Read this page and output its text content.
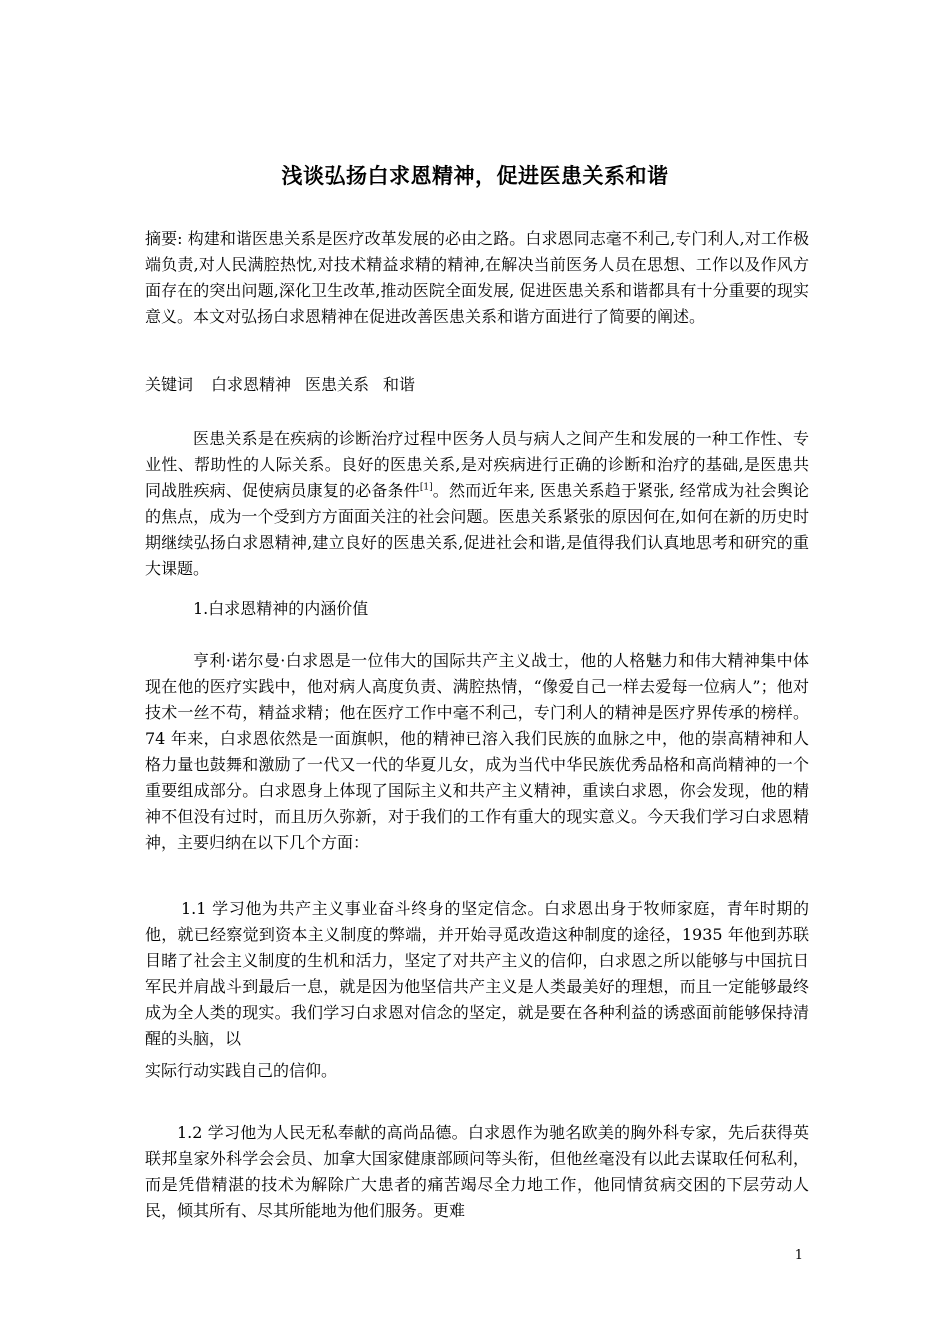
浅谈弘扬白求恩精神，促进医患关系和谐
摘要: 构建和谐医患关系是医疗改革发展的必由之路。白求恩同志毫不利己,专门利人,对工作极端负责,对人民满腔热忱,对技术精益求精的精神,在解决当前医务人员在思想、工作以及作风方面存在的突出问题,深化卫生改革,推动医院全面发展, 促进医患关系和谐都具有十分重要的现实意义。本文对弘扬白求恩精神在促进改善医患关系和谐方面进行了简要的阐述。
关键词 白求恩精神 医患关系 和谐
医患关系是在疾病的诊断治疗过程中医务人员与病人之间产生和发展的一种工作性、专业性、帮助性的人际关系。良好的医患关系,是对疾病进行正确的诊断和治疗的基础,是医患共同战胜疾病、促使病员康复的必备条件[1]。然而近年来, 医患关系趋于紧张, 经常成为社会舆论的焦点，成为一个受到方方面面关注的社会问题。医患关系紧张的原因何在,如何在新的历史时期继续弘扬白求恩精神,建立良好的医患关系,促进社会和谐,是值得我们认真地思考和研究的重大课题。
1.白求恩精神的内涵价值
亨利·诺尔曼·白求恩是一位伟大的国际共产主义战士，他的人格魅力和伟大精神集中体现在他的医疗实践中，他对病人高度负责、满腔热情，“像爱自己一样去爱每一位病人”；他对技术一丝不苟，精益求精；他在医疗工作中毫不利己，专门利人的精神是医疗界传承的榜样。74 年来，白求恩依然是一面旗帜，他的精神已溶入我们民族的血脉之中，他的崇高精神和人格力量也鼓舞和激励了一代又一代的华夏儿女，成为当代中华民族优秀品格和高尚精神的一个重要组成部分。白求恩身上体现了国际主义和共产主义精神，重读白求恩，你会发现，他的精神不但没有过时，而且历久弥新，对于我们的工作有重大的现实意义。今天我们学习白求恩精神，主要归纳在以下几个方面：
1.1 学习他为共产主义事业奋斗终身的坚定信念。白求恩出身于牧师家庭，青年时期的他，就已经察觉到资本主义制度的弊端，并开始寻觅改造这种制度的途径，1935 年他到苏联目睹了社会主义制度的生机和活力，坚定了对共产主义的信仰，白求恩之所以能够与中国抗日军民并肩战斗到最后一息，就是因为他坚信共产主义是人类最美好的理想，而且一定能够最终成为全人类的现实。我们学习白求恩对信念的坚定，就是要在各种利益的诱惑面前能够保持清醒的头脑，以
实际行动实践自己的信仰。
1.2 学习他为人民无私奉献的高尚品德。白求恩作为驰名欧美的胸外科专家，先后获得英联邦皇家外科学会会员、加拿大国家健康部顾问等头衔，但他丝毫没有以此去谋取任何私利，而是凭借精湛的技术为解除广大患者的痛苦竭尽全力地工作，他同情贫病交困的下层劳动人民，倾其所有、尽其所能地为他们服务。更难
1
